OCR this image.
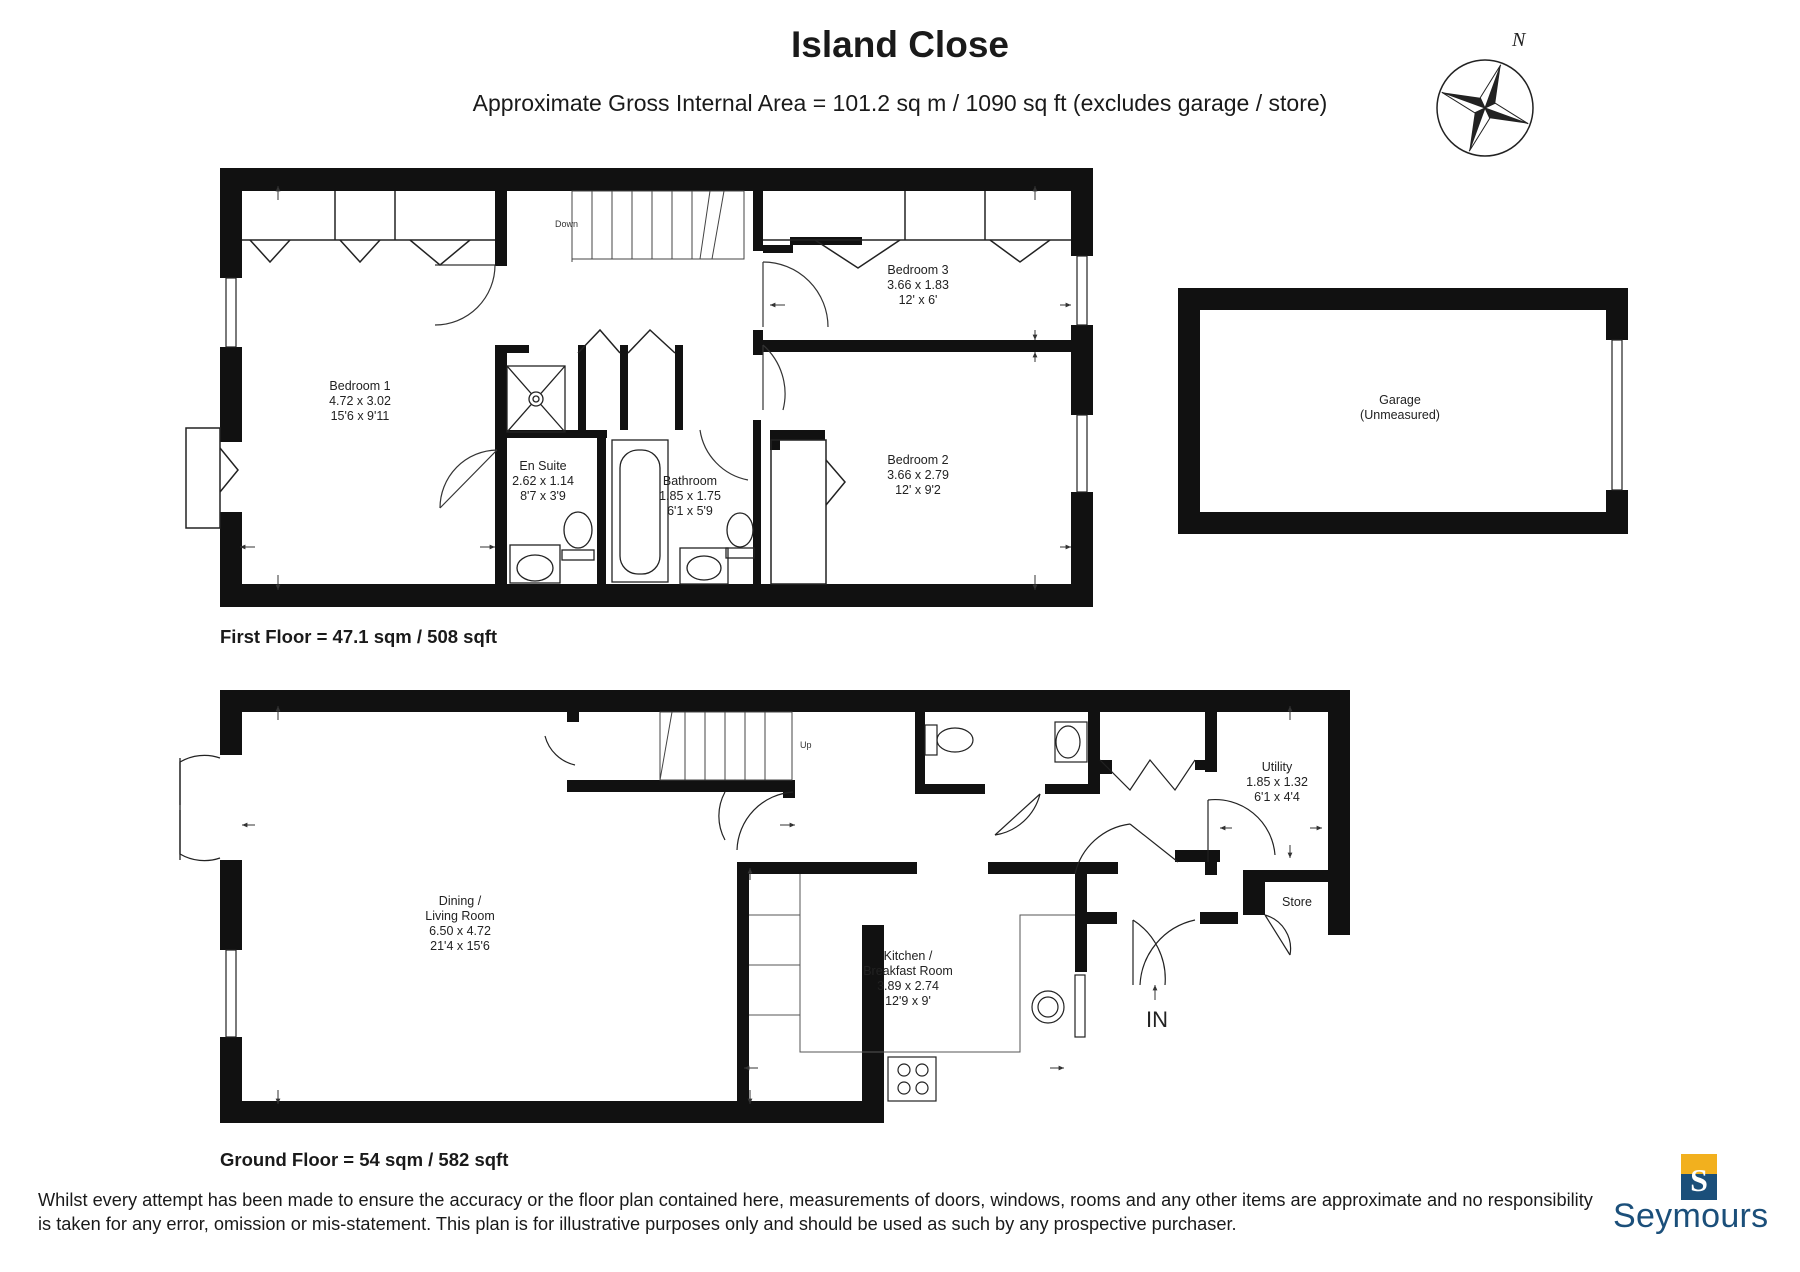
Island Close
Approximate Gross Internal Area = 101.2 sq m / 1090 sq ft (excludes garage / store)
N
Down
Bedroom 1
4.72 x 3.02
15'6 x 9'11
Bedroom 3
3.66 x 1.83
12' x 6'
Bedroom 2
3.66 x 2.79
12' x 9'2
En Suite
2.62 x 1.14
8'7 x 3'9
Bathroom
1.85 x 1.75
6'1 x 5'9
Garage
(Unmeasured)
Up
IN
Dining /
Living Room
6.50 x 4.72
21'4 x 15'6
Kitchen /
Breakfast Room
3.89 x 2.74
12'9 x 9'
Utility
1.85 x 1.32
6'1 x 4'4
Store
First Floor = 47.1 sqm / 508 sqft
Ground Floor = 54 sqm / 582 sqft
S
Whilst every attempt has been made to ensure the accuracy or the floor plan contained here, measurements of doors, windows, rooms and any other items are approximate and no responsibility is taken for any error, omission or mis-statement. This plan is for illustrative purposes only and should be used as such by any prospective purchaser.	Seymours
